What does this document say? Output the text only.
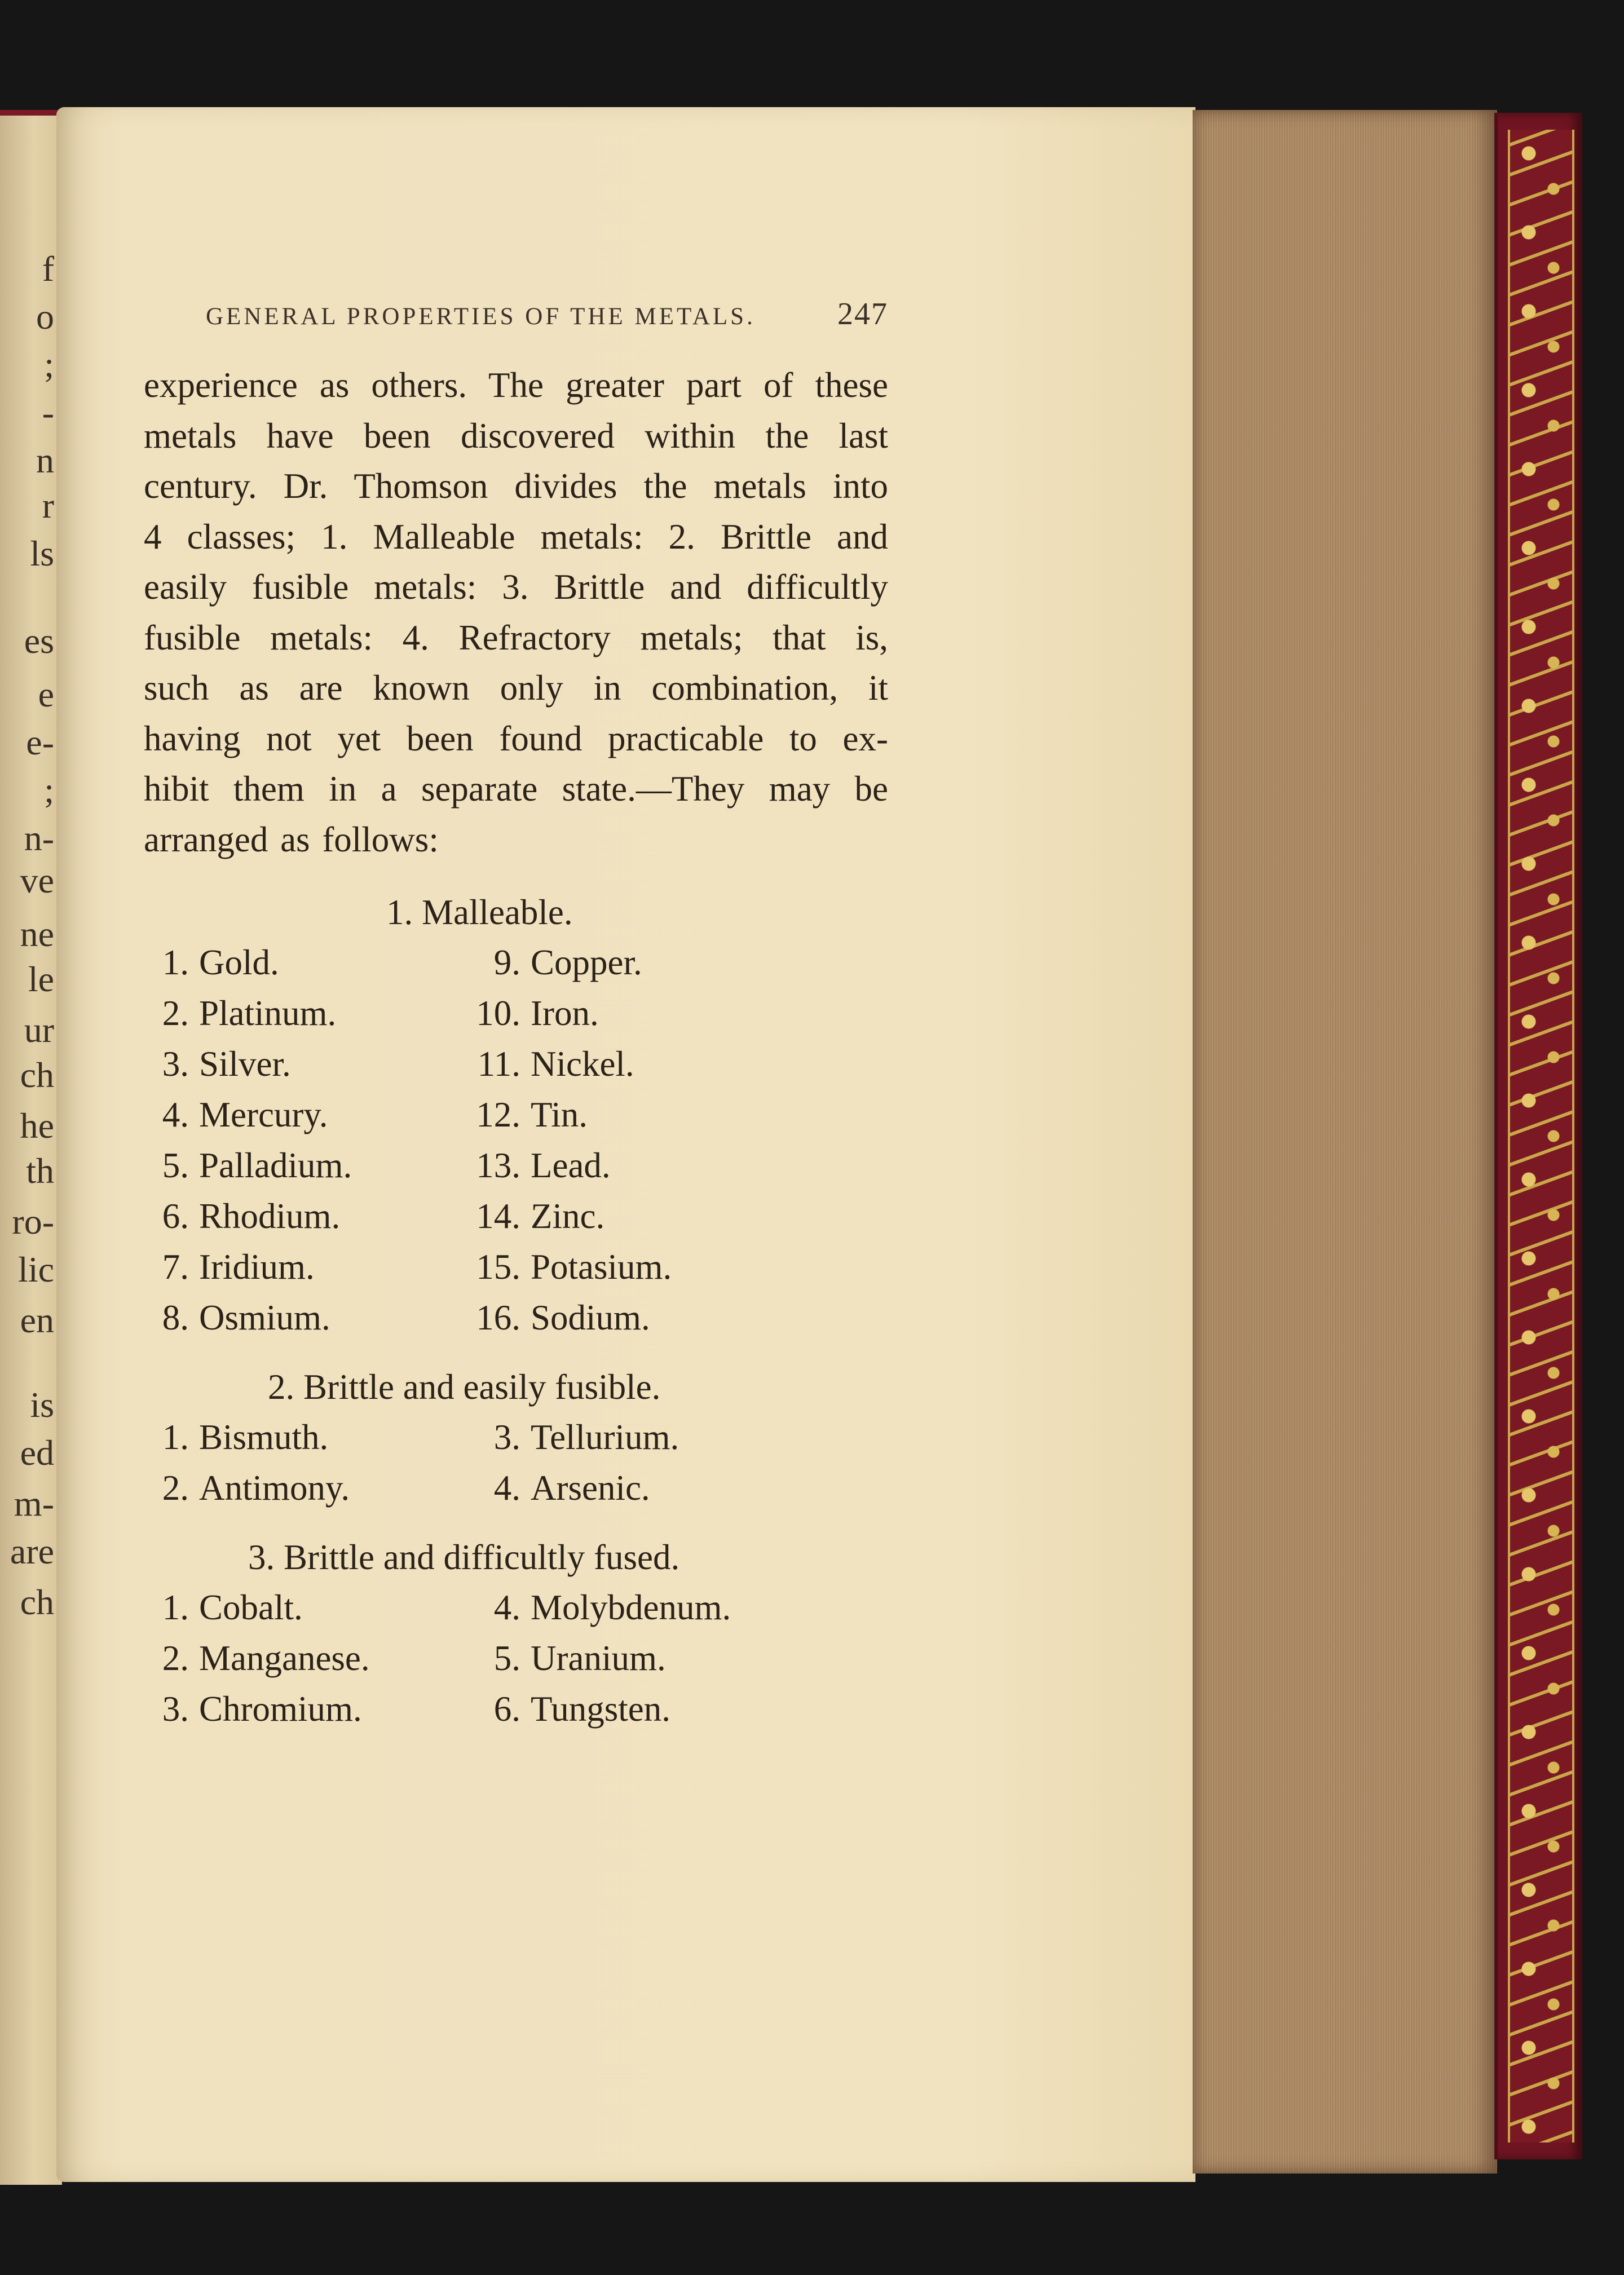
f
o
;
-
n
r
ls
es
e
e-
;
n-
ve
ne
le
ur
ch
he
th
ro-
lic
en
is
ed
m-
are
ch
GENERAL PROPERTIES OF THE METALS.	247
experience as others. The greater part of these
metals have been discovered within the last
century. Dr. Thomson divides the metals into
4 classes; 1. Malleable metals: 2. Brittle and
easily fusible metals: 3. Brittle and difficultly
fusible metals: 4. Refractory metals; that is,
such as are known only in combination, it
having not yet been found practicable to ex-
hibit them in a separate state.—They may be
arranged as follows:
1. Malleable.
1. Gold.	9. Copper.
2. Platinum.	10. Iron.
3. Silver.	11. Nickel.
4. Mercury.	12. Tin.
5. Palladium.	13. Lead.
6. Rhodium.	14. Zinc.
7. Iridium.	15. Potasium.
8. Osmium.	16. Sodium.
2. Brittle and easily fusible.
1. Bismuth.	3. Tellurium.
2. Antimony.	4. Arsenic.
3. Brittle and difficultly fused.
1. Cobalt.	4. Molybdenum.
2. Manganese.	5. Uranium.
3. Chromium.	6. Tungsten.
